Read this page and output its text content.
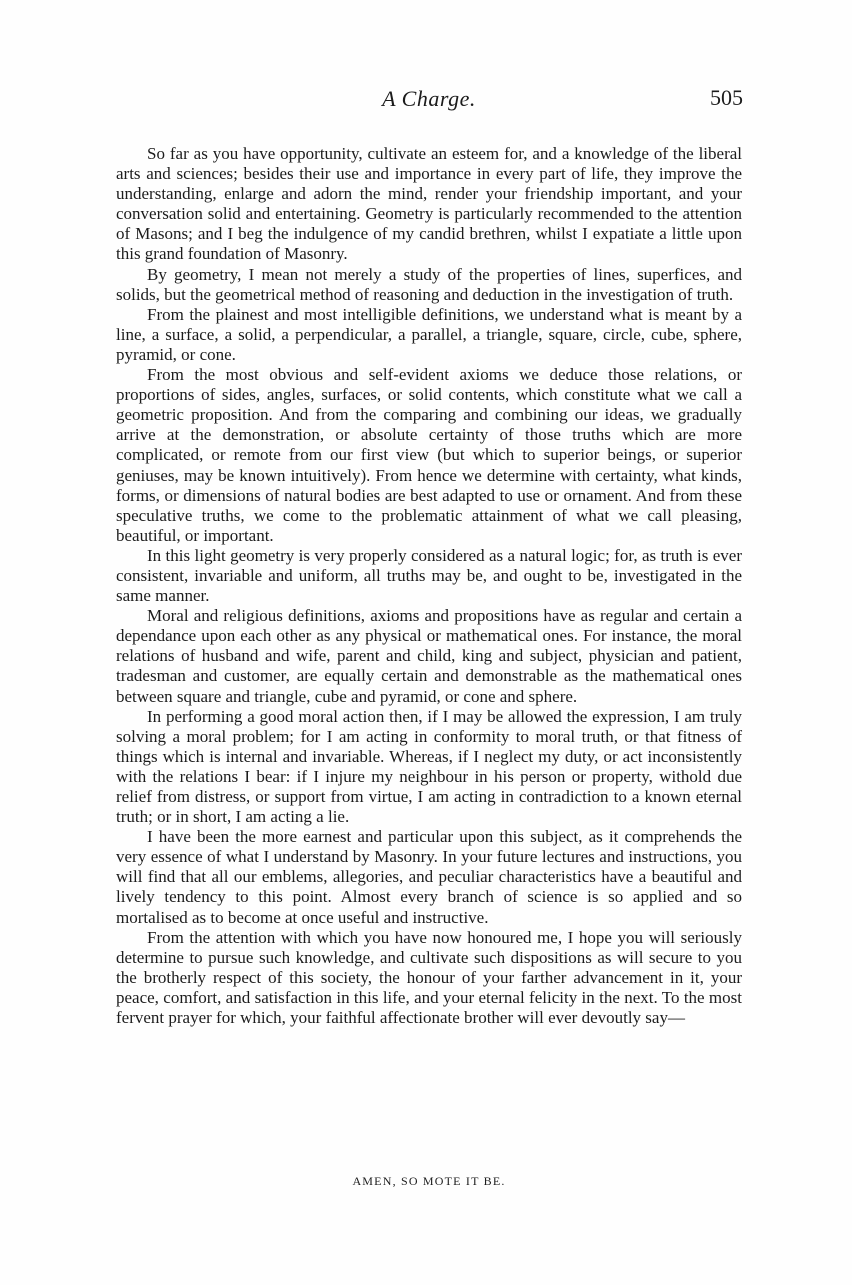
A Charge.	505

So far as you have opportunity, cultivate an esteem for, and a knowledge of the liberal arts and sciences; besides their use and importance in every part of life, they improve the understanding, enlarge and adorn the mind, render your friendship important, and your conversation solid and entertaining. Geometry is particularly recommended to the attention of Masons; and I beg the indulgence of my candid brethren, whilst I expatiate a little upon this grand foundation of Masonry.

By geometry, I mean not merely a study of the properties of lines, superfices, and solids, but the geometrical method of reasoning and deduction in the investigation of truth.

From the plainest and most intelligible definitions, we understand what is meant by a line, a surface, a solid, a perpendicular, a parallel, a triangle, square, circle, cube, sphere, pyramid, or cone.

From the most obvious and self-evident axioms we deduce those relations, or proportions of sides, angles, surfaces, or solid contents, which constitute what we call a geometric proposition. And from the comparing and combining our ideas, we gradually arrive at the demonstration, or absolute certainty of those truths which are more complicated, or remote from our first view (but which to superior beings, or superior geniuses, may be known intuitively). From hence we determine with certainty, what kinds, forms, or dimensions of natural bodies are best adapted to use or ornament. And from these speculative truths, we come to the problematic attainment of what we call pleasing, beautiful, or important.

In this light geometry is very properly considered as a natural logic; for, as truth is ever consistent, invariable and uniform, all truths may be, and ought to be, investigated in the same manner.

Moral and religious definitions, axioms and propositions have as regular and certain a dependance upon each other as any physical or mathematical ones. For instance, the moral relations of husband and wife, parent and child, king and subject, physician and patient, tradesman and customer, are equally certain and demonstrable as the mathematical ones between square and triangle, cube and pyramid, or cone and sphere.

In performing a good moral action then, if I may be allowed the expression, I am truly solving a moral problem; for I am acting in conformity to moral truth, or that fitness of things which is internal and invariable. Whereas, if I neglect my duty, or act inconsistently with the relations I bear: if I injure my neighbour in his person or property, withold due relief from distress, or support from virtue, I am acting in contradiction to a known eternal truth; or in short, I am acting a lie.

I have been the more earnest and particular upon this subject, as it comprehends the very essence of what I understand by Masonry. In your future lectures and instructions, you will find that all our emblems, allegories, and peculiar characteristics have a beautiful and lively tendency to this point. Almost every branch of science is so applied and so mortalised as to become at once useful and instructive.

From the attention with which you have now honoured me, I hope you will seriously determine to pursue such knowledge, and cultivate such dispositions as will secure to you the brotherly respect of this society, the honour of your farther advancement in it, your peace, comfort, and satisfaction in this life, and your eternal felicity in the next. To the most fervent prayer for which, your faithful affectionate brother will ever devoutly say—

AMEN, SO MOTE IT BE.
